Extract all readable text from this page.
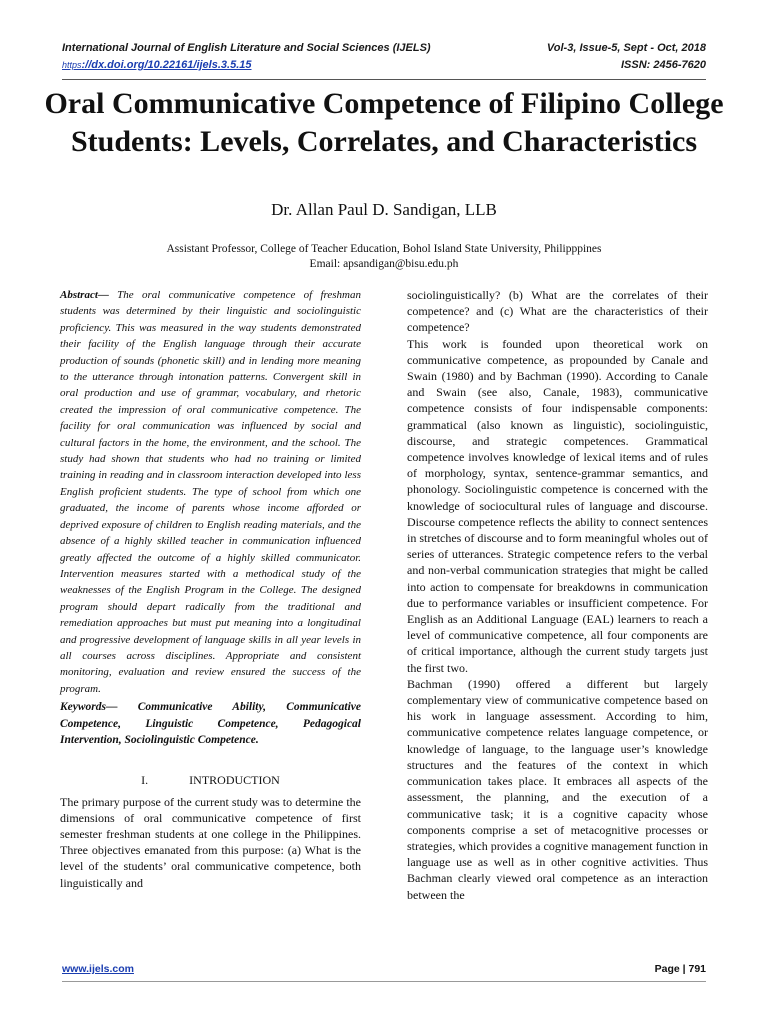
International Journal of English Literature and Social Sciences (IJELS)	Vol-3, Issue-5, Sept - Oct, 2018
https://dx.doi.org/10.22161/ijels.3.5.15	ISSN: 2456-7620
Oral Communicative Competence of Filipino College Students: Levels, Correlates, and Characteristics
Dr. Allan Paul D. Sandigan, LLB
Assistant Professor, College of Teacher Education, Bohol Island State University, Philipppines
Email: apsandigan@bisu.edu.ph

Abstract— The oral communicative competence of freshman students was determined by their linguistic and sociolinguistic proficiency. This was measured in the way students demonstrated their facility of the English language through their accurate production of sounds (phonetic skill) and in lending more meaning to the utterance through intonation patterns. Convergent skill in oral production and use of grammar, vocabulary, and rhetoric created the impression of oral communicative competence. The facility for oral communication was influenced by social and cultural factors in the home, the environment, and the school. The study had shown that students who had no training or limited training in reading and in classroom interaction developed into less English proficient students. The type of school from which one graduated, the income of parents whose income afforded or deprived exposure of children to English reading materials, and the absence of a highly skilled teacher in communication influenced greatly affected the outcome of a highly skilled communicator. Intervention measures started with a methodical study of the weaknesses of the English Program in the College. The designed program should depart radically from the traditional and remediation approaches but must put meaning into a longitudinal and progressive development of language skills in all year levels in all courses across disciplines. Appropriate and consistent monitoring, evaluation and review ensured the success of the program.

Keywords— Communicative Ability, Communicative Competence, Linguistic Competence, Pedagogical Intervention, Sociolinguistic Competence.

I.	INTRODUCTION

The primary purpose of the current study was to determine the dimensions of oral communicative competence of first semester freshman students at one college in the Philippines. Three objectives emanated from this purpose: (a) What is the level of the students’ oral communicative competence, both linguistically and

sociolinguistically? (b) What are the correlates of their competence? and (c) What are the characteristics of their competence?

This work is founded upon theoretical work on communicative competence, as propounded by Canale and Swain (1980) and by Bachman (1990). According to Canale and Swain (see also, Canale, 1983), communicative competence consists of four indispensable components: grammatical (also known as linguistic), sociolinguistic, discourse, and strategic competences. Grammatical competence involves knowledge of lexical items and of rules of morphology, syntax, sentence-grammar semantics, and phonology. Sociolinguistic competence is concerned with the knowledge of sociocultural rules of language and discourse. Discourse competence reflects the ability to connect sentences in stretches of discourse and to form meaningful wholes out of series of utterances. Strategic competence refers to the verbal and non-verbal communication strategies that might be called into action to compensate for breakdowns in communication due to performance variables or insufficient competence. For English as an Additional Language (EAL) learners to reach a level of communicative competence, all four components are of critical importance, although the current study targets just the first two.

Bachman (1990) offered a different but largely complementary view of communicative competence based on his work in language assessment. According to him, communicative competence relates language competence, or knowledge of language, to the language user’s knowledge structures and the features of the context in which communication takes place. It embraces all aspects of the assessment, the planning, and the execution of a communicative task; it is a cognitive capacity whose components comprise a set of metacognitive processes or strategies, which provides a cognitive management function in language use as well as in other cognitive activities. Thus Bachman clearly viewed oral competence as an interaction between the

www.ijels.com	Page | 791
